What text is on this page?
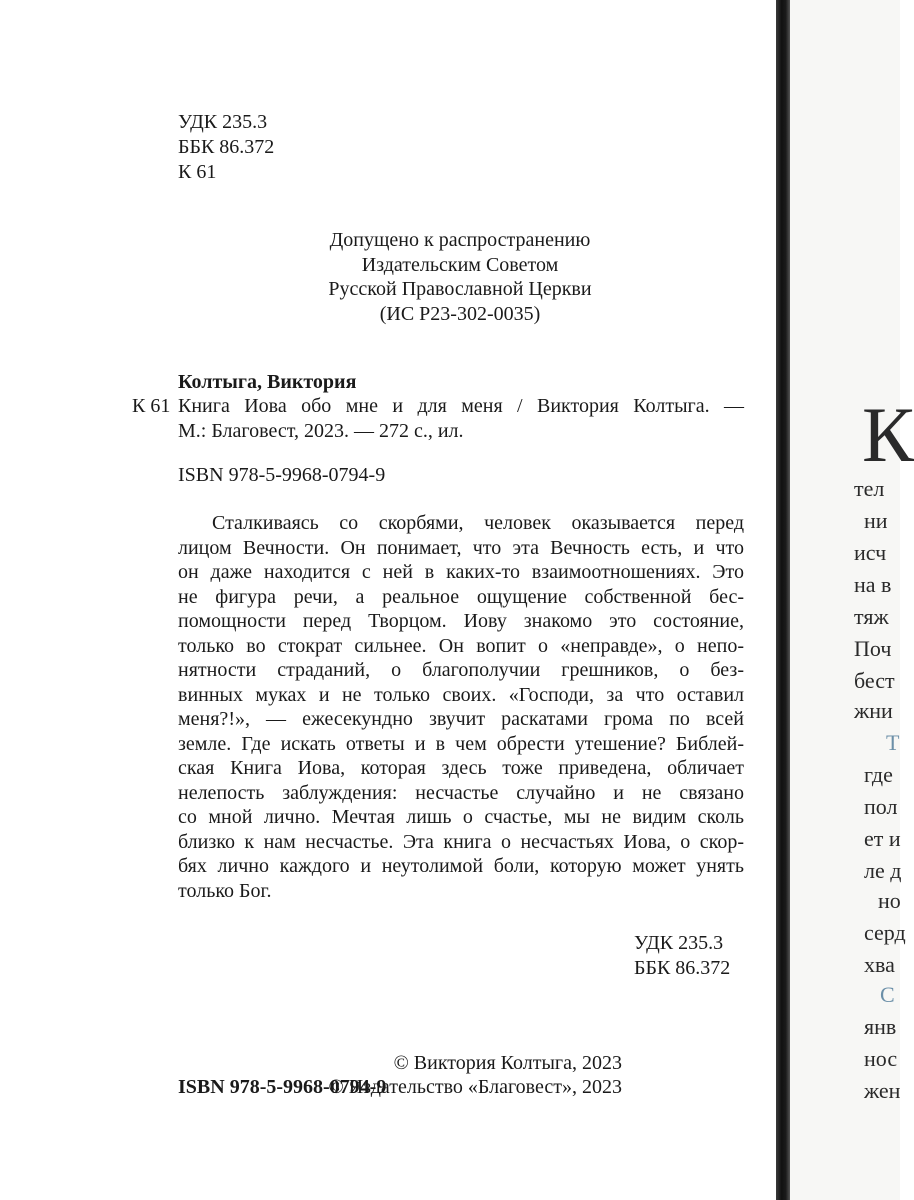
УДК 235.3
ББК 86.372
К 61
Допущено к распространению
Издательским Советом
Русской Православной Церкви
(ИС Р23-302-0035)
Колтыга, Виктория
К 61 Книга Иова обо мне и для меня / Виктория Колтыга. —
М.: Благовест, 2023. — 272 с., ил.
ISBN 978-5-9968-0794-9
Сталкиваясь со скорбями, человек оказывается перед
лицом Вечности. Он понимает, что эта Вечность есть, и что
он даже находится с ней в каких-то взаимоотношениях. Это
не фигура речи, а реальное ощущение собственной бес-
помощности перед Творцом. Иову знакомо это состояние,
только во стократ сильнее. Он вопит о «неправде», о непо-
нятности страданий, о благополучии грешников, о без-
винных муках и не только своих. «Господи, за что оставил
меня?!», — ежесекундно звучит раскатами грома по всей
земле. Где искать ответы и в чем обрести утешение? Библей-
ская Книга Иова, которая здесь тоже приведена, обличает
нелепость заблуждения: несчастье случайно и не связано
со мной лично. Мечтая лишь о счастье, мы не видим сколь
близко к нам несчастье. Эта книга о несчастьях Иова, о скор-
бях лично каждого и неутолимой боли, которую может унять
только Бог.
УДК 235.3
ББК 86.372
ISBN 978-5-9968-0794-9
© Виктория Колтыга, 2023
© Издательство «Благовест», 2023
К
тел
ни
исч
на в
тяж
Поч
бест
жни
Т
где
пол
ет и
ле д
но
серд
хва
С
янв
нос
жен
